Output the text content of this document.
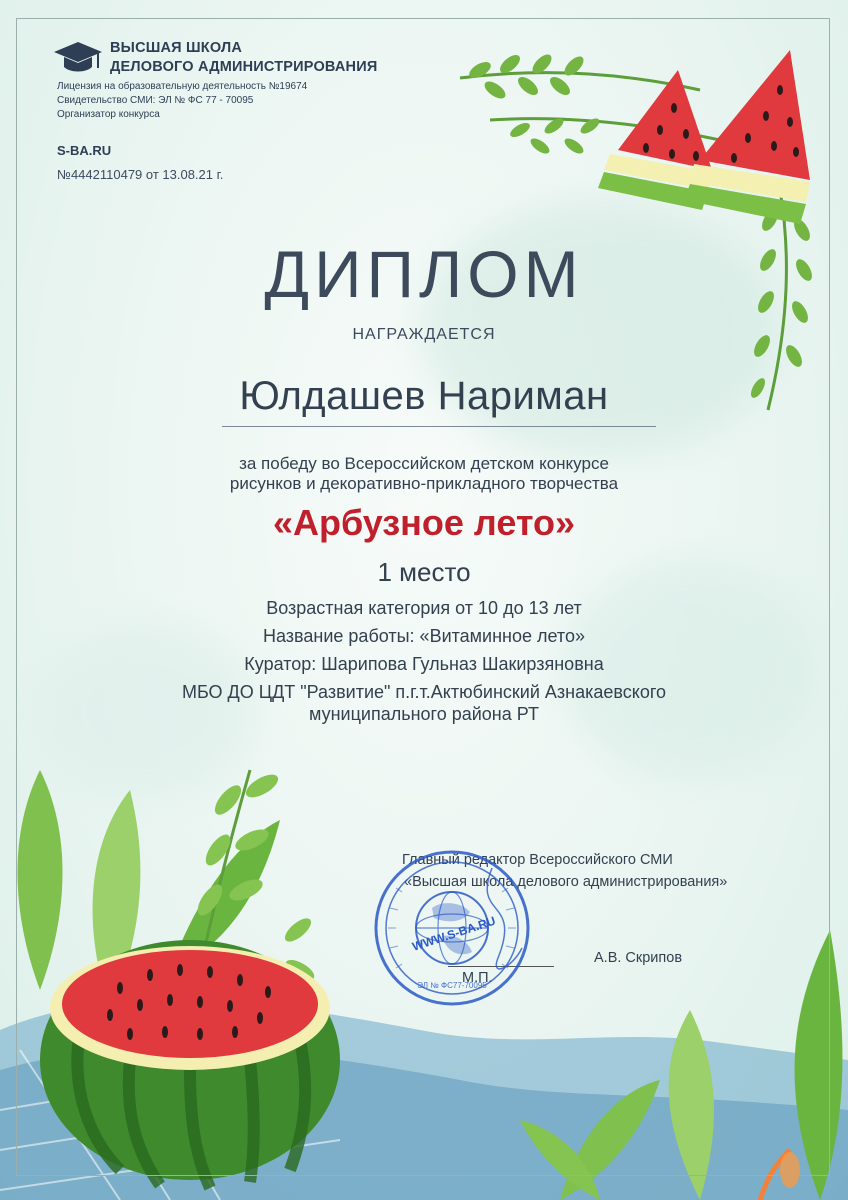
ВЫСШАЯ ШКОЛА
ДЕЛОВОГО АДМИНИСТРИРОВАНИЯ
Лицензия на образовательную деятельность №19674
Свидетельство СМИ: ЭЛ № ФС 77 - 70095
Организатор конкурса
S-BA.RU
№4442110479 от 13.08.21 г.
ДИПЛОМ
НАГРАЖДАЕТСЯ
Юлдашев Нариман
за победу во Всероссийском детском конкурсе
рисунков и декоративно-прикладного творчества
«Арбузное лето»
1 место
Возрастная категория от 10 до 13 лет
Название работы: «Витаминное лето»
Куратор: Шарипова Гульназ Шакирзяновна
МБО ДО ЦДТ "Развитие" п.г.т.Актюбинский Азнакаевского
муниципального района РТ
Главный редактор Всероссийского СМИ
«Высшая школа делового администрирования»
М.П.
А.В. Скрипов
WWW.S-BA.RU
ЭЛ № ФС77-70095
